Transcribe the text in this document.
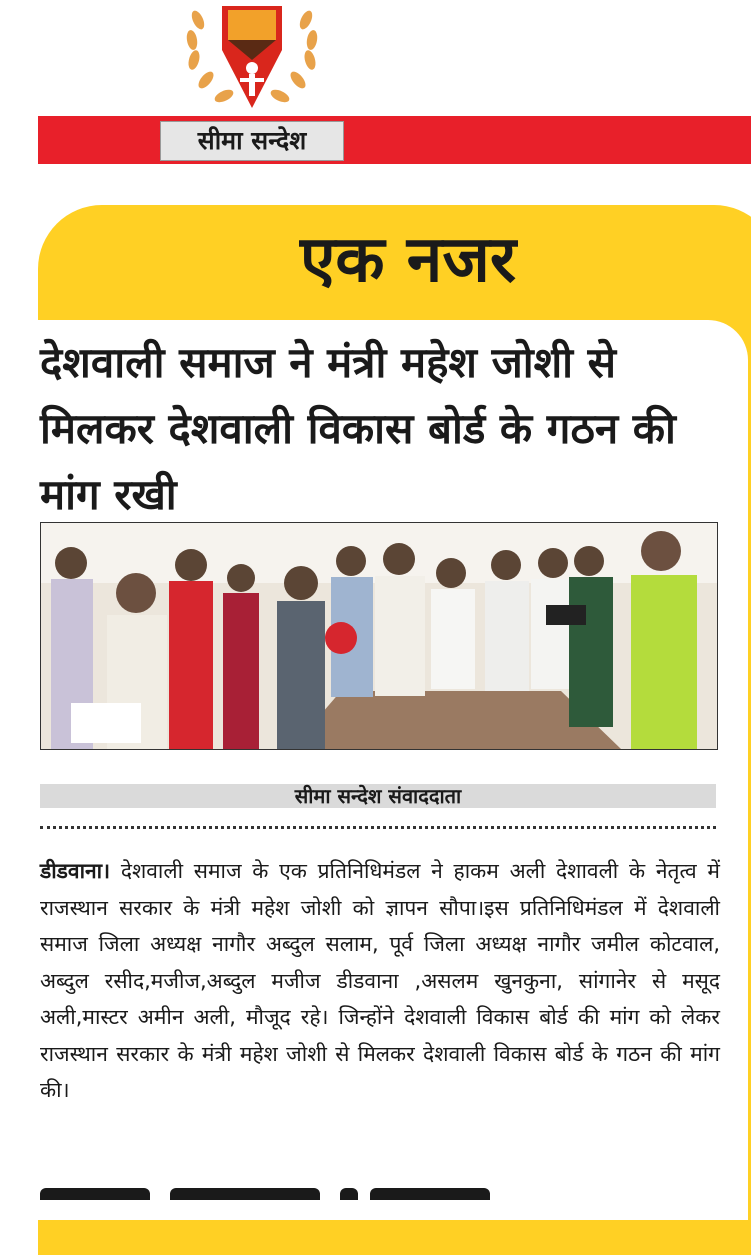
सीमा सन्देश
एक नजर
देशवाली समाज ने मंत्री महेश जोशी से मिलकर देशवाली विकास बोर्ड के गठन की मांग रखी
सीमा सन्देश संवाददाता

डीडवाना। देशवाली समाज के एक प्रतिनिधिमंडल ने हाकम अली देशावली के नेतृत्व में राजस्थान सरकार के मंत्री महेश जोशी को ज्ञापन सौपा।इस प्रतिनिधिमंडल में देशवाली समाज जिला अध्यक्ष नागौर अब्दुल सलाम, पूर्व जिला अध्यक्ष नागौर जमील कोटवाल, अब्दुल रसीद,मजीज,अब्दुल मजीज डीडवाना ,असलम खुनकुना, सांगानेर से मसूद अली,मास्टर अमीन अली, मौजूद रहे। जिन्होंने देशवाली विकास बोर्ड की मांग को लेकर राजस्थान सरकार के मंत्री महेश जोशी से मिलकर देशवाली विकास बोर्ड के गठन की मांग की।
